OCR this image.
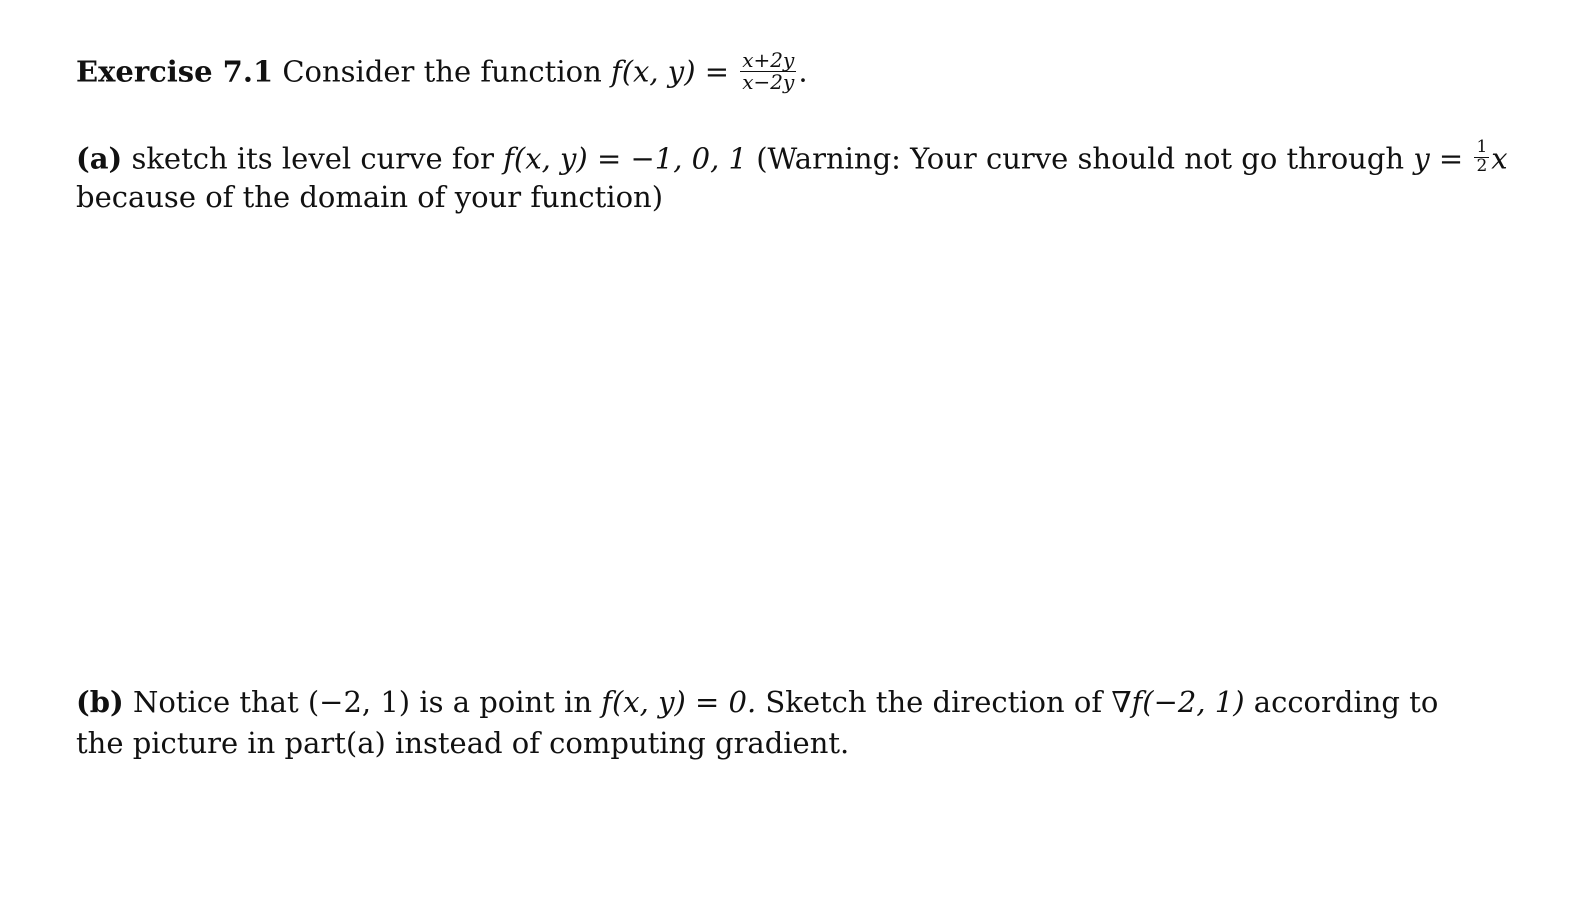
Exercise 7.1 Consider the function f(x, $y) = \frac{x+2y}{x-2y}$ .
(a) sketch its level curve for f(x, y) = −1, 0, 1 (Warning: Your curve should not go through $y = \frac{1}{2}$ x
because of the domain of your function)
(b) Notice that (−2, 1) is a point in f(x, y) = 0. Sketch the direction of ∇f(−2, 1) according to
the picture in part(a) instead of computing gradient.
